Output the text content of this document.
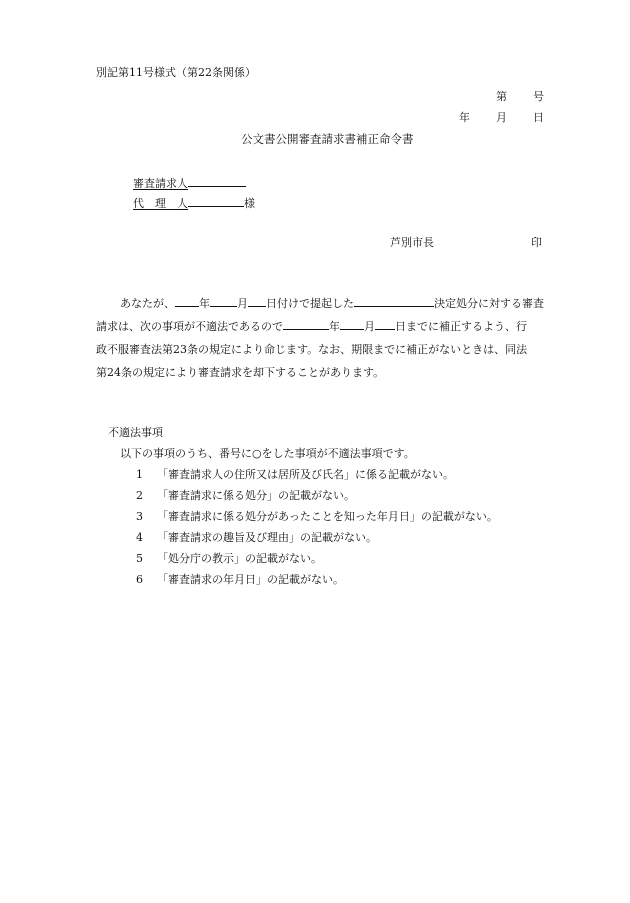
別記第11号様式（第22条関係）
第 号
年 月 日
公文書公開審査請求書補正命令書
審査請求人
代　理　人	様
芦別市長	印
あなたが、 年 月 日付けで提起した	決定処分に対する審査
請求は、次の事項が不適法であるので	年 月 日までに補正するよう、行
政不服審査法第23条の規定により命じます。なお、期限までに補正がないときは、同法
第24条の規定により審査請求を却下することがあります。
不適法事項
以下の事項のうち、番号に○をした事項が不適法事項です。
1 「審査請求人の住所又は居所及び氏名」に係る記載がない。
2 「審査請求に係る処分」の記載がない。
3 「審査請求に係る処分があったことを知った年月日」の記載がない。
4 「審査請求の趣旨及び理由」の記載がない。
5 「処分庁の教示」の記載がない。
6 「審査請求の年月日」の記載がない。
